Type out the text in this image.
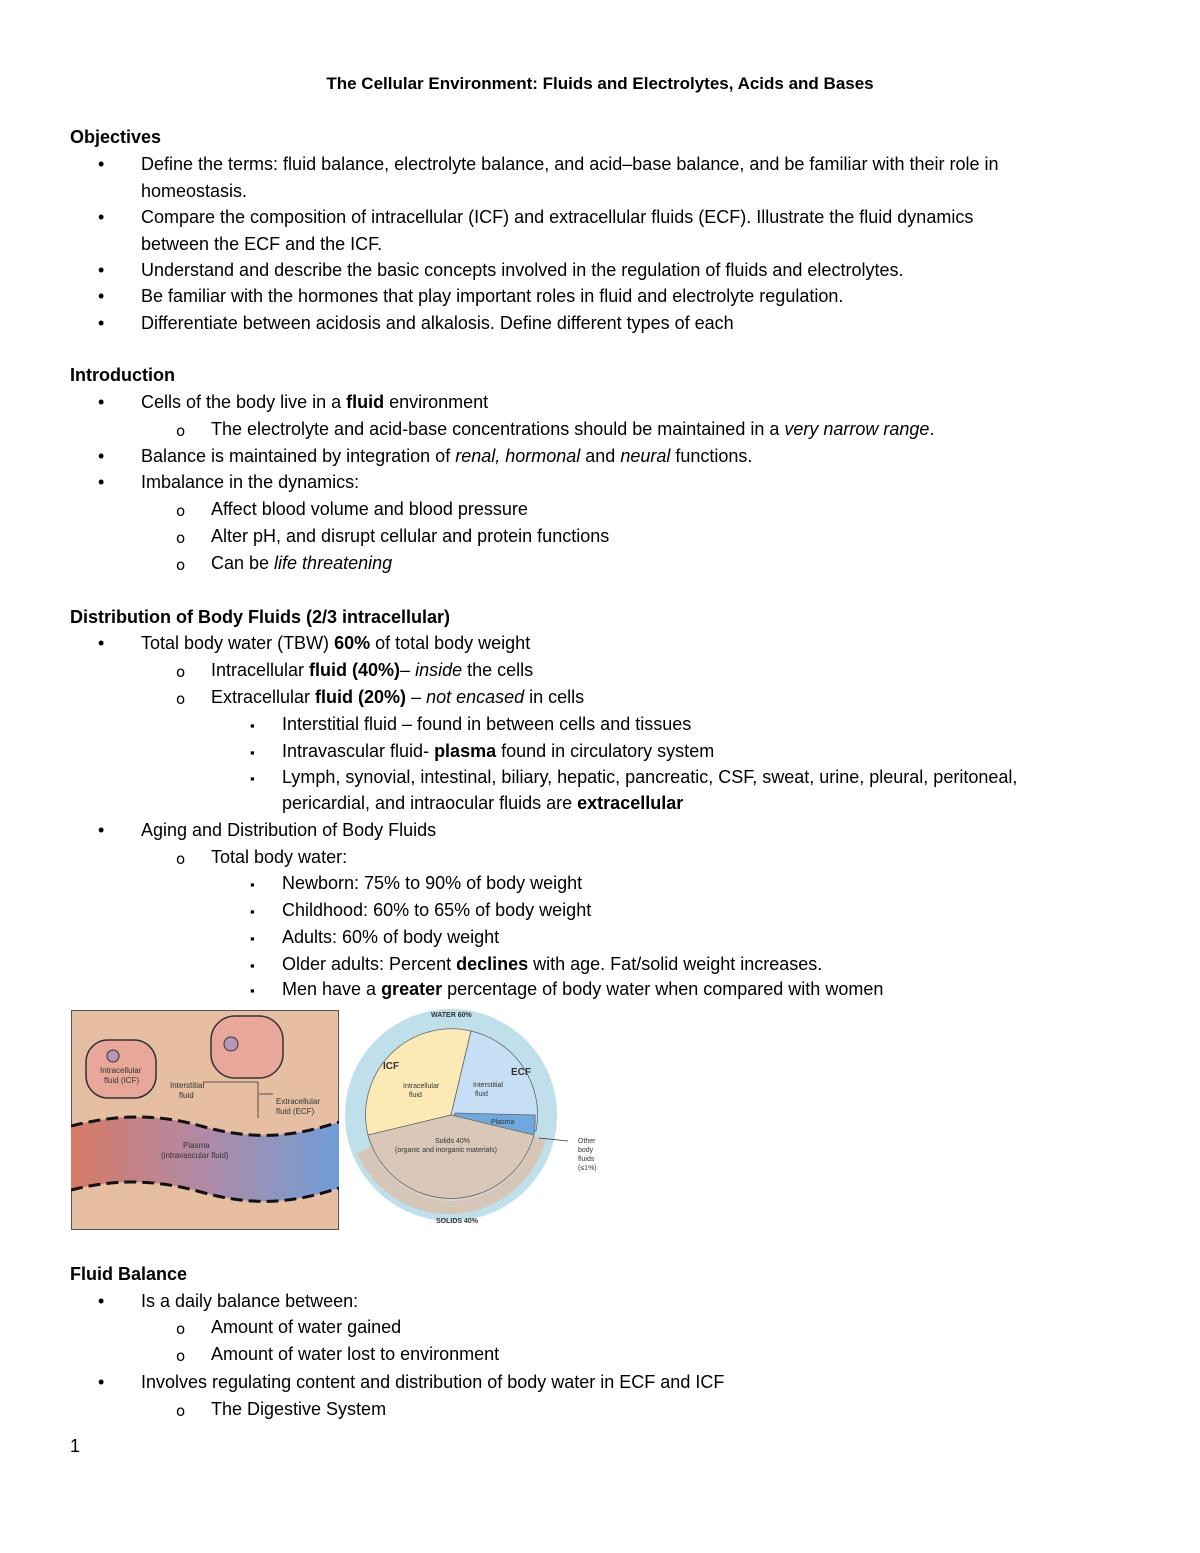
The Cellular Environment: Fluids and Electrolytes, Acids and Bases
Objectives
• Define the terms: fluid balance, electrolyte balance, and acid–base balance, and be familiar with their role in
homeostasis.
• Compare the composition of intracellular (ICF) and extracellular fluids (ECF). Illustrate the fluid dynamics
between the ECF and the ICF.
• Understand and describe the basic concepts involved in the regulation of fluids and electrolytes.
• Be familiar with the hormones that play important roles in fluid and electrolyte regulation.
• Differentiate between acidosis and alkalosis. Define different types of each
Introduction
• Cells of the body live in a fluid environment
o The electrolyte and acid-base concentrations should be maintained in a very narrow range.
• Balance is maintained by integration of renal, hormonal and neural functions.
• Imbalance in the dynamics:
o Affect blood volume and blood pressure
o Alter pH, and disrupt cellular and protein functions
o Can be life threatening
Distribution of Body Fluids (2/3 intracellular)
• Total body water (TBW) 60% of total body weight
o Intracellular fluid (40%)– inside the cells
o Extracellular fluid (20%) – not encased in cells
▪ Interstitial fluid – found in between cells and tissues
▪ Intravascular fluid- plasma found in circulatory system
▪ Lymph, synovial, intestinal, biliary, hepatic, pancreatic, CSF, sweat, urine, pleural, peritoneal,
pericardial, and intraocular fluids are extracellular
• Aging and Distribution of Body Fluids
o Total body water:
▪ Newborn: 75% to 90% of body weight
▪ Childhood: 60% to 65% of body weight
▪ Adults: 60% of body weight
▪ Older adults: Percent declines with age. Fat/solid weight increases.
▪ Men have a greater percentage of body water when compared with women
Intracellular
fluid (ICF)
Interstitial
fluid
Extracellular
fluid (ECF)
Plasma
(intravascular fluid)
WATER 60%
ICF
ECF
Intracellular
fluid
Interstitial
fluid
Plasma
Solids 40%
(organic and inorganic materials)
SOLIDS 40%
Other
body
fluids
(≤1%)
Fluid Balance
• Is a daily balance between:
o Amount of water gained
o Amount of water lost to environment
• Involves regulating content and distribution of body water in ECF and ICF
o The Digestive System
1
